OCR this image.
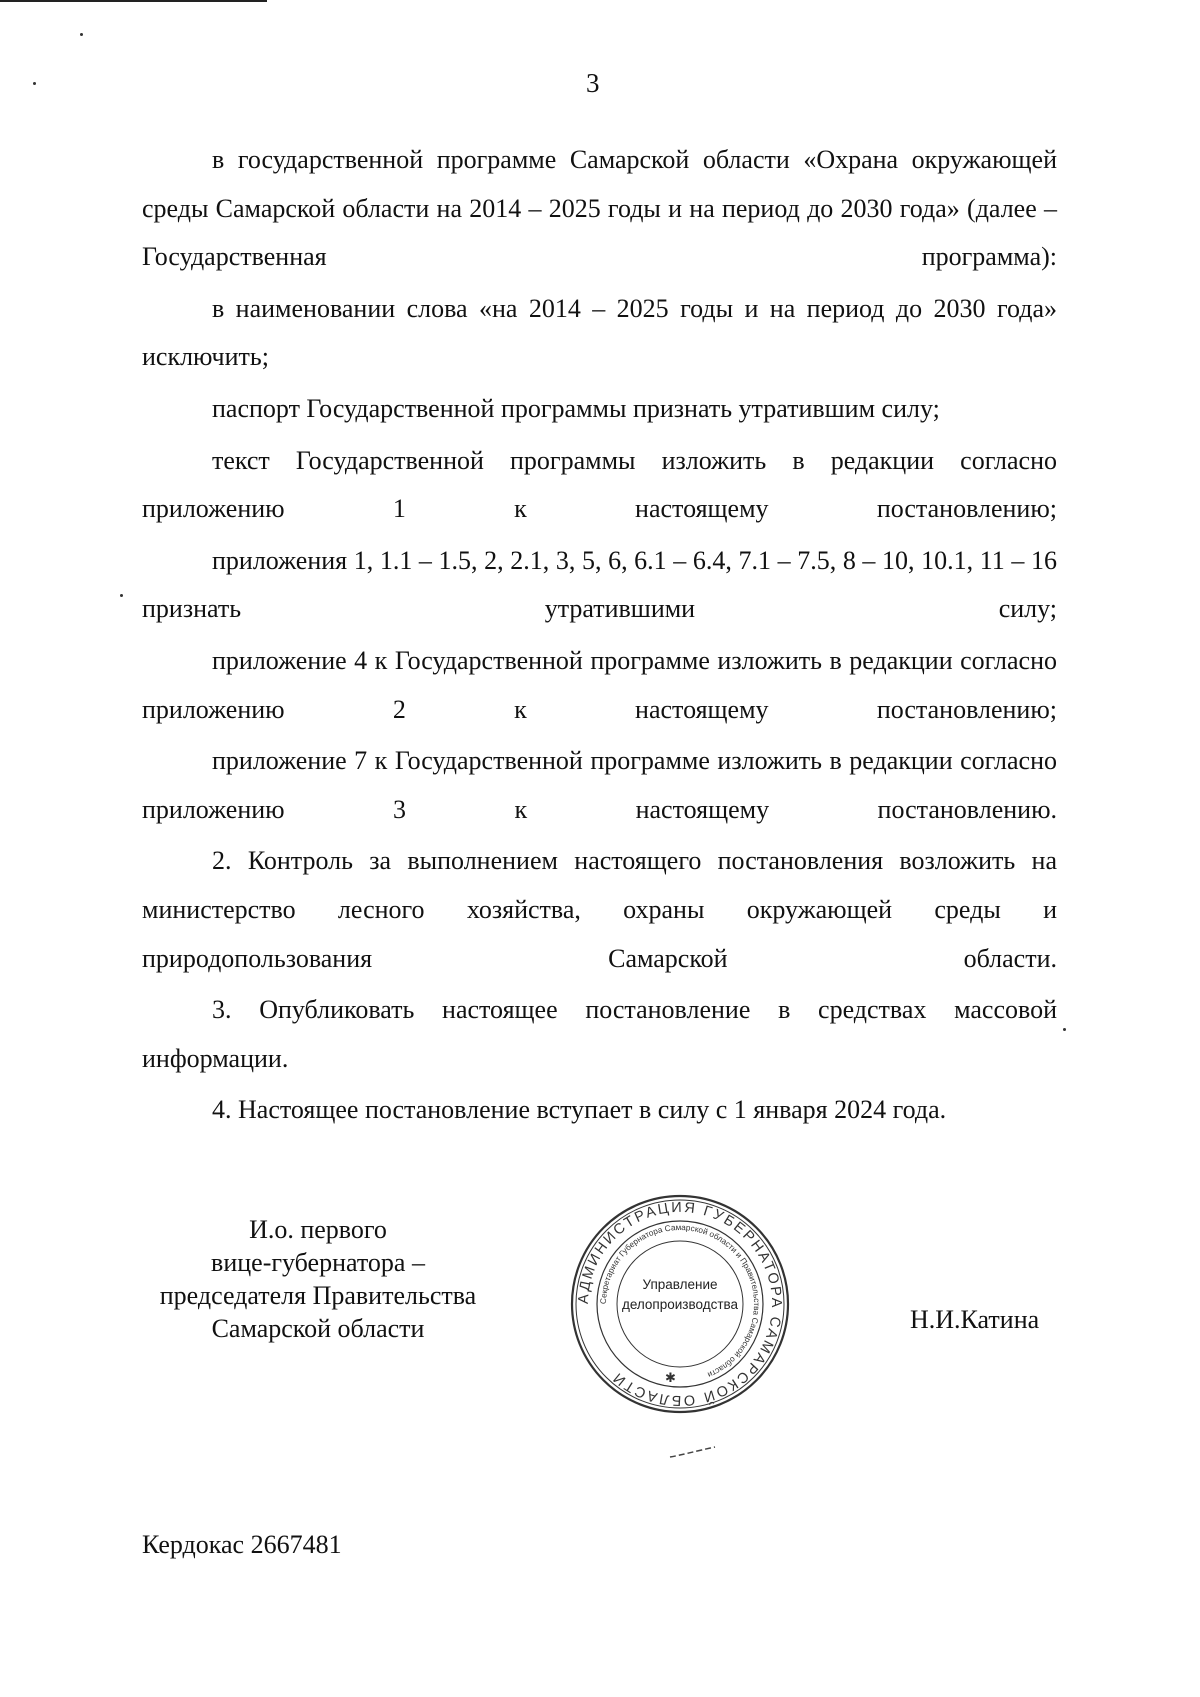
3

в государственной программе Самарской области «Охрана окружающей среды Самарской области на 2014 – 2025 годы и на период до 2030 года» (далее – Государственная программа):

в наименовании слова «на 2014 – 2025 годы и на период до 2030 года» исключить;

паспорт Государственной программы признать утратившим силу;

текст Государственной программы изложить в редакции согласно приложению 1 к настоящему постановлению;

приложения 1, 1.1 – 1.5, 2, 2.1, 3, 5, 6, 6.1 – 6.4, 7.1 – 7.5, 8 – 10, 10.1, 11 – 16 признать утратившими силу;

приложение 4 к Государственной программе изложить в редакции согласно приложению 2 к настоящему постановлению;

приложение 7 к Государственной программе изложить в редакции согласно приложению 3 к настоящему постановлению.

2. Контроль за выполнением настоящего постановления возложить на министерство лесного хозяйства, охраны окружающей среды и природопользования Самарской области.

3. Опубликовать настоящее постановление в средствах массовой информации.

4. Настоящее постановление вступает в силу с 1 января 2024 года.

И.о. первого
вице-губернатора –
председателя Правительства
Самарской области
АДМИНИСТРАЦИЯ ГУБЕРНАТОРА САМАРСКОЙ ОБЛАСТИ
Секретариат Губернатора Самарской области и Правительства Самарской области
✱
Управление
делопроизводства
Н.И.Катина
Кердокас 2667481
